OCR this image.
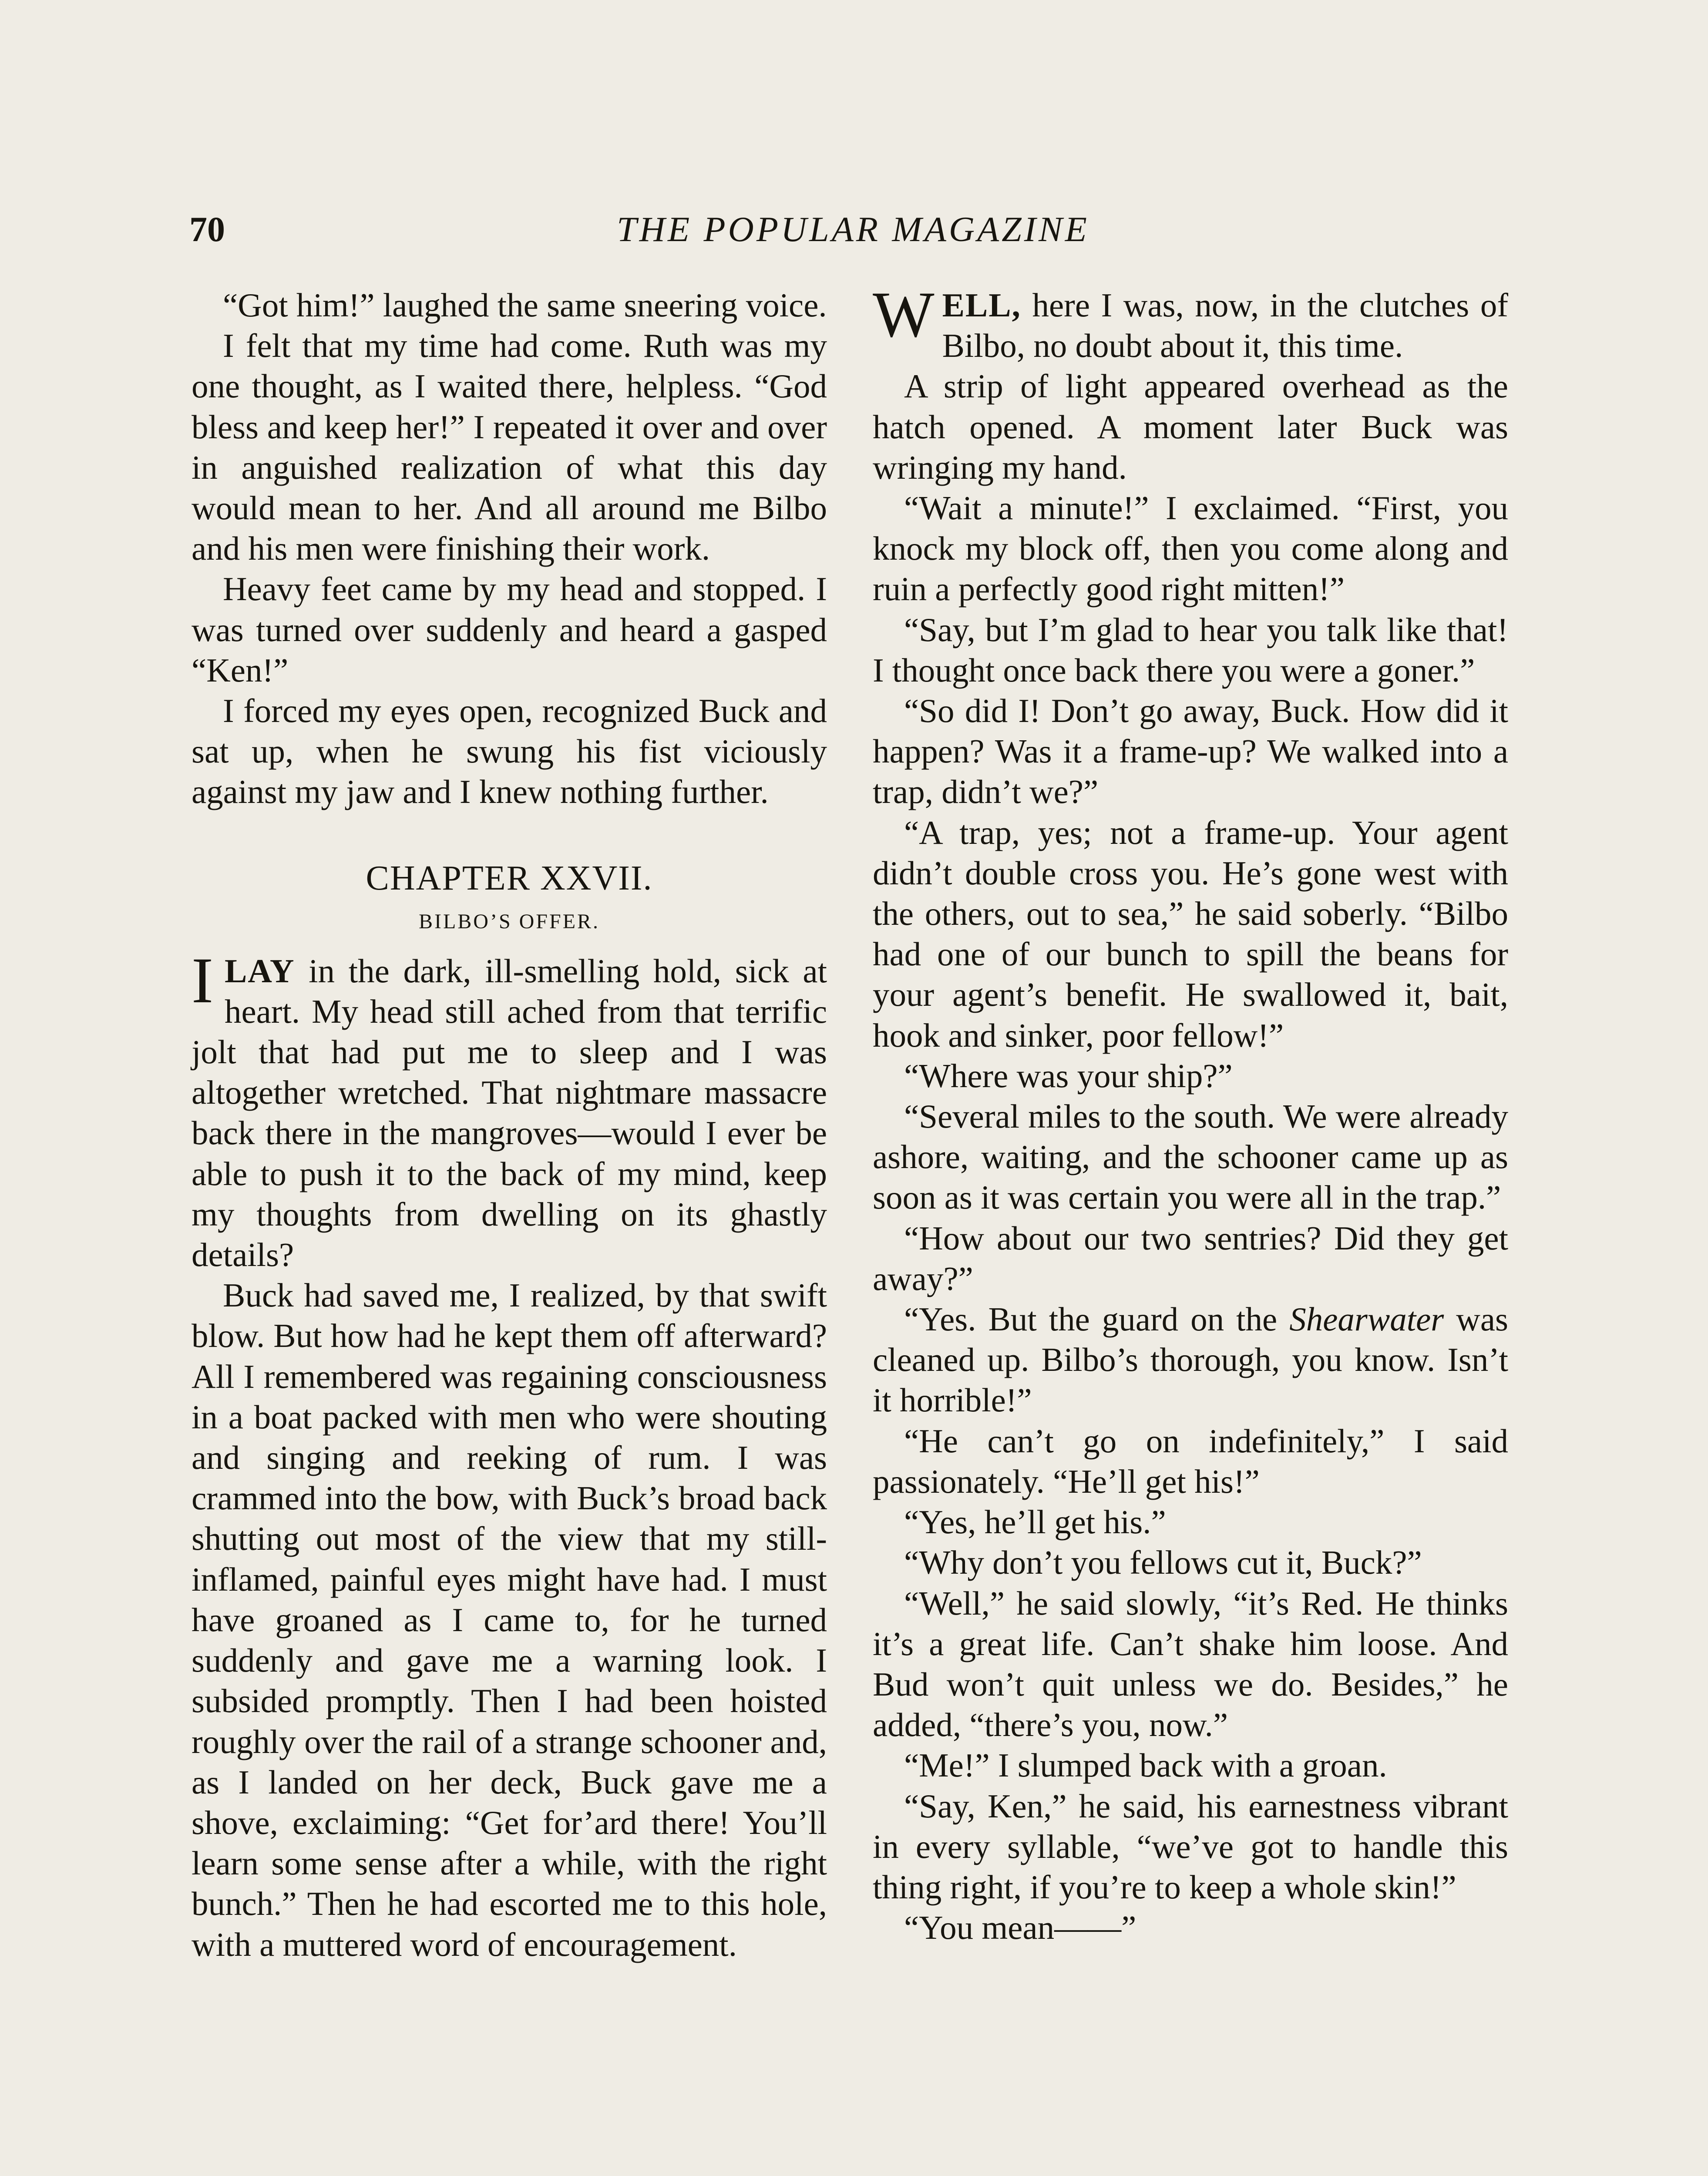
70	THE POPULAR MAGAZINE

“Got him!” laughed the same sneering voice.

I felt that my time had come. Ruth was my one thought, as I waited there, helpless. “God bless and keep her!” I repeated it over and over in anguished realization of what this day would mean to her. And all around me Bilbo and his men were finishing their work.

Heavy feet came by my head and stopped. I was turned over suddenly and heard a gasped “Ken!”

I forced my eyes open, recognized Buck and sat up, when he swung his fist viciously against my jaw and I knew nothing further.

CHAPTER XXVII.
BILBO’S OFFER.

ILAY in the dark, ill-smelling hold, sick at heart. My head still ached from that terrific jolt that had put me to sleep and I was altogether wretched. That nightmare massacre back there in the mangroves—would I ever be able to push it to the back of my mind, keep my thoughts from dwelling on its ghastly details?

Buck had saved me, I realized, by that swift blow. But how had he kept them off afterward? All I remembered was regaining consciousness in a boat packed with men who were shouting and singing and reeking of rum. I was crammed into the bow, with Buck’s broad back shutting out most of the view that my still-inflamed, painful eyes might have had. I must have groaned as I came to, for he turned suddenly and gave me a warning look. I subsided promptly. Then I had been hoisted roughly over the rail of a strange schooner and, as I landed on her deck, Buck gave me a shove, exclaiming: “Get for’ard there! You’ll learn some sense after a while, with the right bunch.” Then he had escorted me to this hole, with a muttered word of encouragement.

WELL, here I was, now, in the clutches of Bilbo, no doubt about it, this time.

A strip of light appeared overhead as the hatch opened. A moment later Buck was wringing my hand.

“Wait a minute!” I exclaimed. “First, you knock my block off, then you come along and ruin a perfectly good right mitten!”

“Say, but I’m glad to hear you talk like that! I thought once back there you were a goner.”

“So did I! Don’t go away, Buck. How did it happen? Was it a frame-up? We walked into a trap, didn’t we?”

“A trap, yes; not a frame-up. Your agent didn’t double cross you. He’s gone west with the others, out to sea,” he said soberly. “Bilbo had one of our bunch to spill the beans for your agent’s benefit. He swallowed it, bait, hook and sinker, poor fellow!”

“Where was your ship?”

“Several miles to the south. We were already ashore, waiting, and the schooner came up as soon as it was certain you were all in the trap.”

“How about our two sentries? Did they get away?”

“Yes. But the guard on the Shearwater was cleaned up. Bilbo’s thorough, you know. Isn’t it horrible!”

“He can’t go on indefinitely,” I said passionately. “He’ll get his!”

“Yes, he’ll get his.”

“Why don’t you fellows cut it, Buck?”

“Well,” he said slowly, “it’s Red. He thinks it’s a great life. Can’t shake him loose. And Bud won’t quit unless we do. Besides,” he added, “there’s you, now.”

“Me!” I slumped back with a groan.

“Say, Ken,” he said, his earnestness vibrant in every syllable, “we’ve got to handle this thing right, if you’re to keep a whole skin!”

“You mean——”
